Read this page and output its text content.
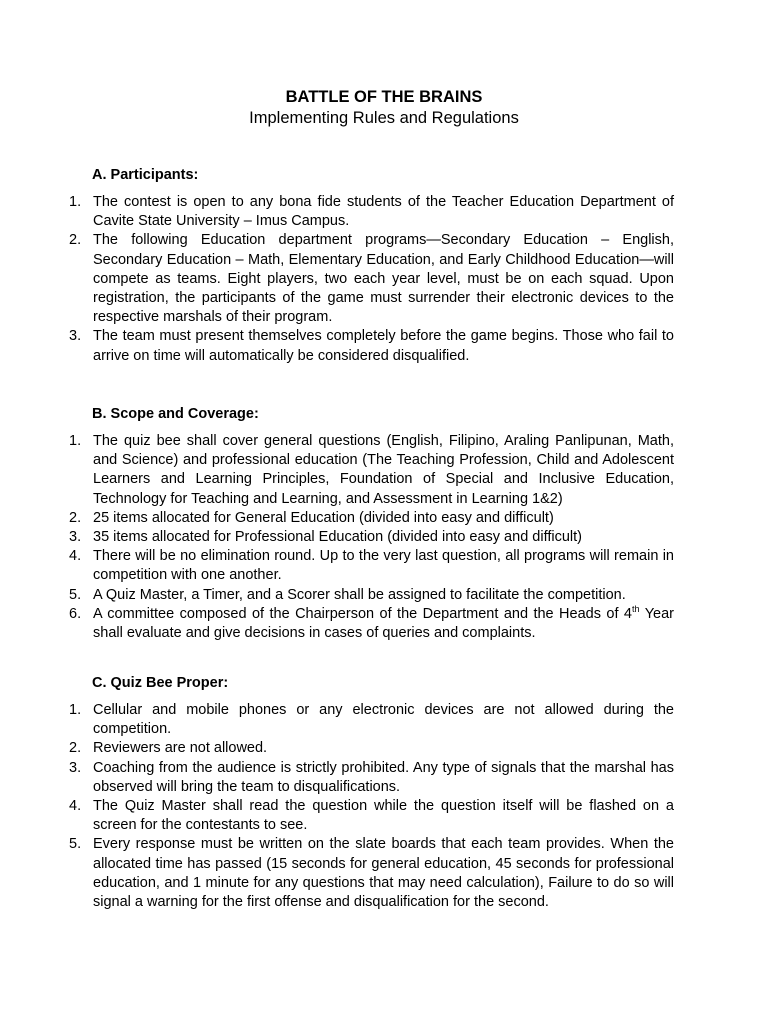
BATTLE OF THE BRAINS
Implementing Rules and Regulations
A. Participants:
1. The contest is open to any bona fide students of the Teacher Education Department of Cavite State University – Imus Campus.
2. The following Education department programs—Secondary Education – English, Secondary Education – Math, Elementary Education, and Early Childhood Education—will compete as teams. Eight players, two each year level, must be on each squad. Upon registration, the participants of the game must surrender their electronic devices to the respective marshals of their program.
3. The team must present themselves completely before the game begins. Those who fail to arrive on time will automatically be considered disqualified.
B. Scope and Coverage:
1. The quiz bee shall cover general questions (English, Filipino, Araling Panlipunan, Math, and Science) and professional education (The Teaching Profession, Child and Adolescent Learners and Learning Principles, Foundation of Special and Inclusive Education, Technology for Teaching and Learning, and Assessment in Learning 1&2)
2. 25 items allocated for General Education (divided into easy and difficult)
3. 35 items allocated for Professional Education (divided into easy and difficult)
4. There will be no elimination round. Up to the very last question, all programs will remain in competition with one another.
5. A Quiz Master, a Timer, and a Scorer shall be assigned to facilitate the competition.
6. A committee composed of the Chairperson of the Department and the Heads of 4th Year shall evaluate and give decisions in cases of queries and complaints.
C. Quiz Bee Proper:
1. Cellular and mobile phones or any electronic devices are not allowed during the competition.
2. Reviewers are not allowed.
3. Coaching from the audience is strictly prohibited. Any type of signals that the marshal has observed will bring the team to disqualifications.
4. The Quiz Master shall read the question while the question itself will be flashed on a screen for the contestants to see.
5. Every response must be written on the slate boards that each team provides. When the allocated time has passed (15 seconds for general education, 45 seconds for professional education, and 1 minute for any questions that may need calculation), Failure to do so will signal a warning for the first offense and disqualification for the second.
